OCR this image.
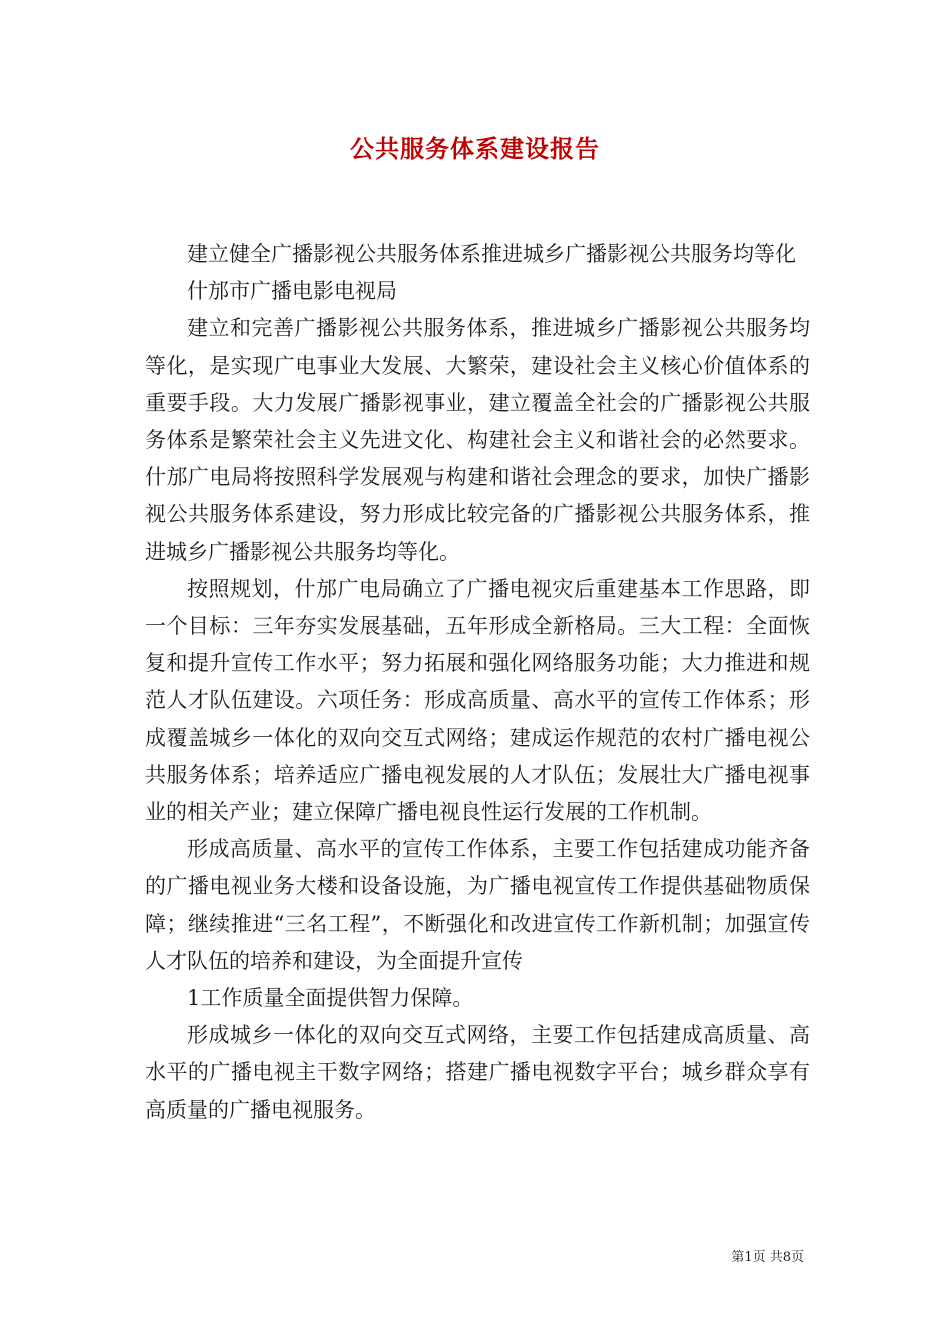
公共服务体系建设报告

建立健全广播影视公共服务体系推进城乡广播影视公共服务均等化

什邡市广播电影电视局

建立和完善广播影视公共服务体系，推进城乡广播影视公共服务均等化，是实现广电事业大发展、大繁荣，建设社会主义核心价值体系的重要手段。大力发展广播影视事业，建立覆盖全社会的广播影视公共服务体系是繁荣社会主义先进文化、构建社会主义和谐社会的必然要求。什邡广电局将按照科学发展观与构建和谐社会理念的要求，加快广播影视公共服务体系建设，努力形成比较完备的广播影视公共服务体系，推进城乡广播影视公共服务均等化。

按照规划，什邡广电局确立了广播电视灾后重建基本工作思路，即一个目标：三年夯实发展基础，五年形成全新格局。三大工程：全面恢复和提升宣传工作水平；努力拓展和强化网络服务功能；大力推进和规范人才队伍建设。六项任务：形成高质量、高水平的宣传工作体系；形成覆盖城乡一体化的双向交互式网络；建成运作规范的农村广播电视公共服务体系；培养适应广播电视发展的人才队伍；发展壮大广播电视事业的相关产业；建立保障广播电视良性运行发展的工作机制。

形成高质量、高水平的宣传工作体系，主要工作包括建成功能齐备的广播电视业务大楼和设备设施，为广播电视宣传工作提供基础物质保障；继续推进“三名工程”，不断强化和改进宣传工作新机制；加强宣传人才队伍的培养和建设，为全面提升宣传

1工作质量全面提供智力保障。

形成城乡一体化的双向交互式网络，主要工作包括建成高质量、高水平的广播电视主干数字网络；搭建广播电视数字平台；城乡群众享有高质量的广播电视服务。

第1页 共8页
